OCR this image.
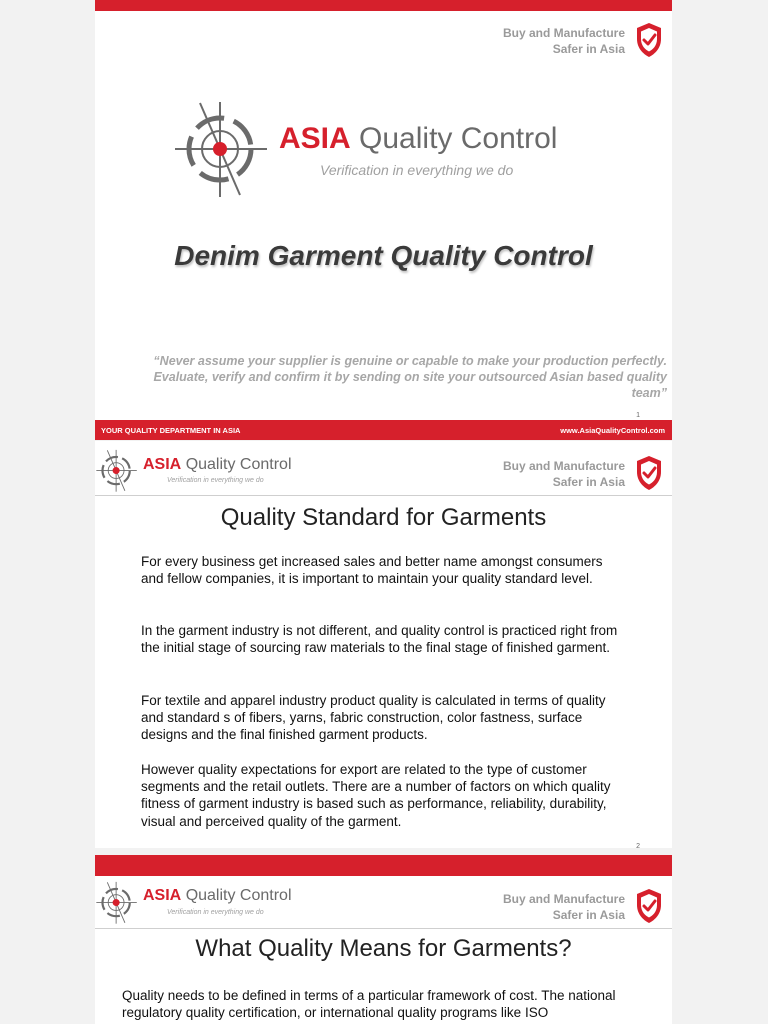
Buy and Manufacture
Safer in Asia
ASIA Quality Control
Verification in everything we do
Denim Garment Quality Control
“Never assume your supplier is genuine or capable to make your production perfectly.
Evaluate, verify and confirm it by sending on site your outsourced Asian based quality
team”
1
YOUR QUALITY DEPARTMENT IN ASIA	www.AsiaQualityControl.com
ASIA Quality Control
Verification in everything we do
Buy and Manufacture
Safer in Asia
Quality Standard for Garments
For every business get increased sales and better name amongst consumers and fellow companies, it is important to maintain your quality standard level.
In the garment industry is not different, and quality control is practiced right from the initial stage of sourcing raw materials to the final stage of finished garment.
For textile and apparel industry product quality is calculated in terms of quality and standard s of fibers, yarns, fabric construction, color fastness, surface designs and the final finished garment products.
However quality expectations for export are related to the type of customer segments and the retail outlets. There are a number of factors on which quality fitness of garment industry is based such as performance, reliability, durability, visual and perceived quality of the garment.
2
ASIA Quality Control
Verification in everything we do
Buy and Manufacture
Safer in Asia
What Quality Means for Garments?
Quality needs to be defined in terms of a particular framework of cost. The national regulatory quality certification, or international quality programs like ISO
